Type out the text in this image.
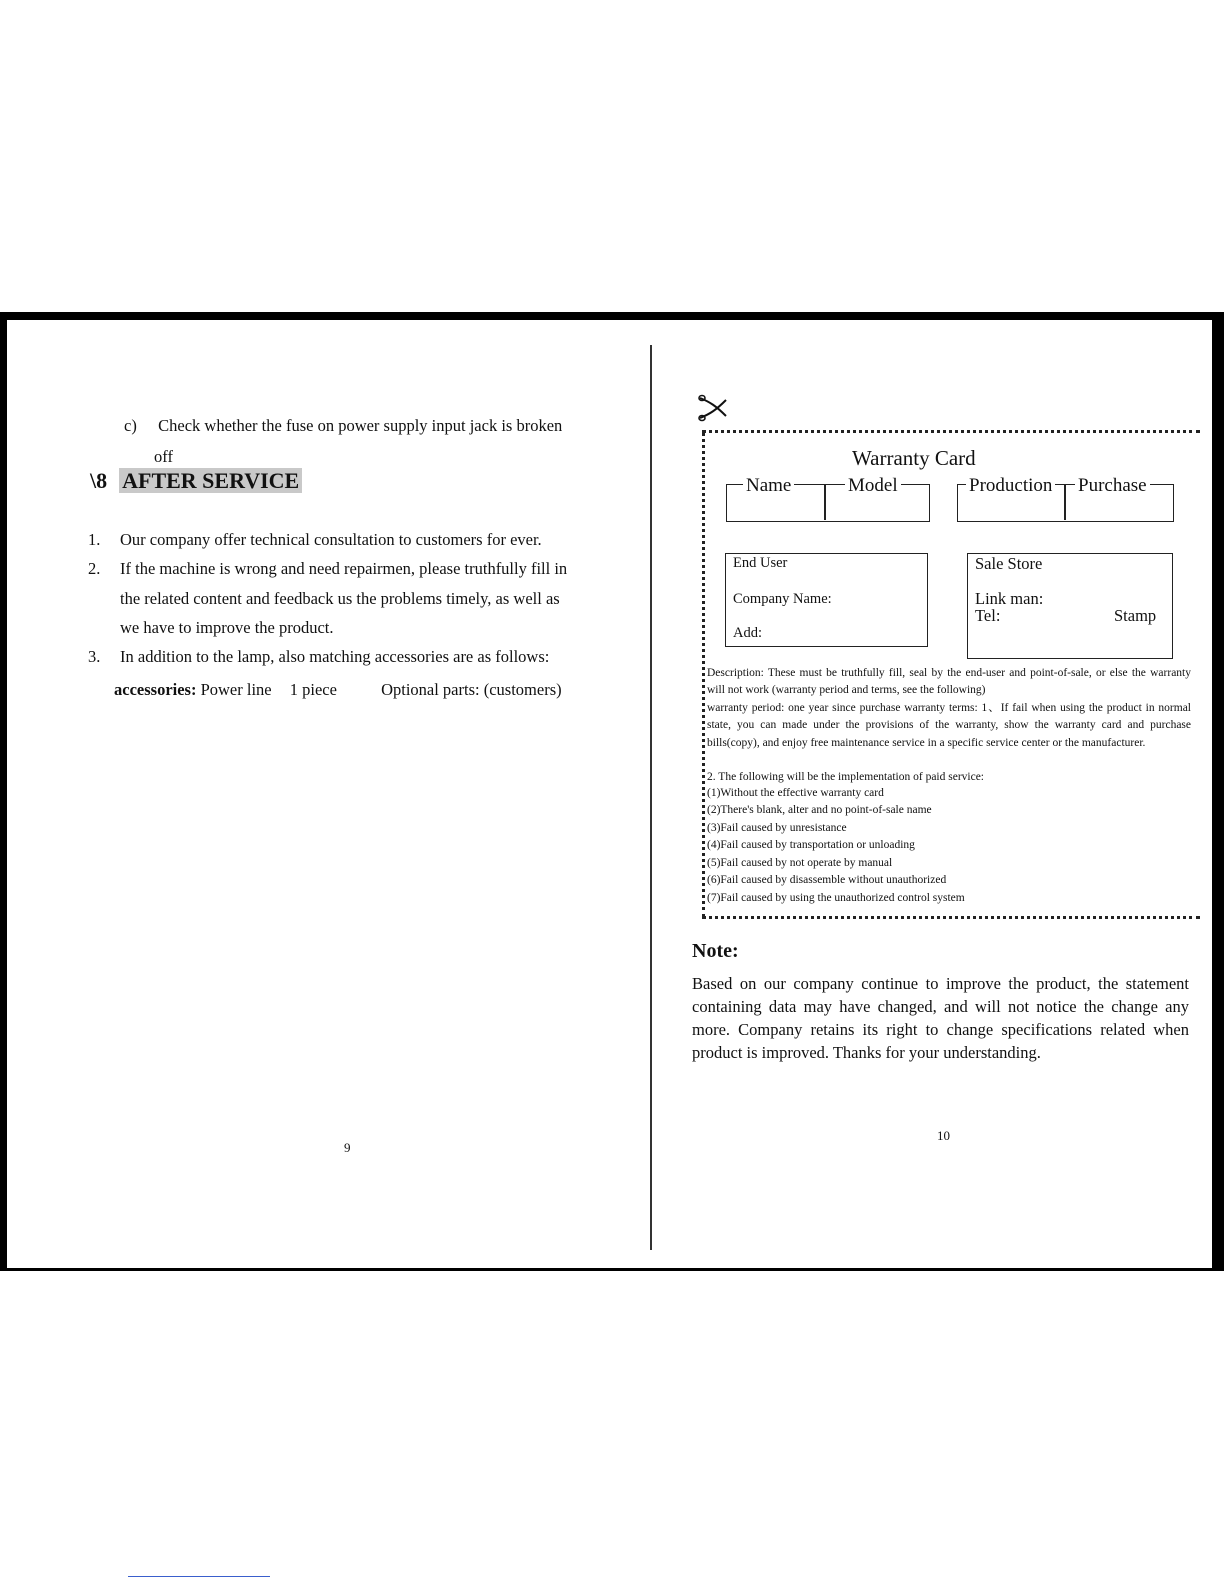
c) Check whether the fuse on power supply input jack is broken
off
\8 AFTER SERVICE
1. Our company offer technical consultation to customers for ever.
2. If the machine is wrong and need repairmen, please truthfully fill in
the related content and feedback us the problems timely, as well as
we have to improve the product.
3. In addition to the lamp, also matching accessories are as follows:
accessories: Power line 1 piece	Optional parts: (customers)
9
Warranty Card
Name	Model	Production Purchase
End User
Company Name:
Add:
Sale Store
Link man:
Tel:	Stamp
Description: These must be truthfully fill, seal by the end-user and point-of-sale, or else the warranty will not work (warranty period and terms, see the following)
warranty period: one year since purchase warranty terms: 1、If fail when using the product in normal state, you can made under the provisions of the warranty, show the warranty card and purchase bills(copy), and enjoy free maintenance service in a specific service center or the manufacturer.
2. The following will be the implementation of paid service:
(1)Without the effective warranty card
(2)There's blank, alter and no point-of-sale name
(3)Fail caused by unresistance
(4)Fail caused by transportation or unloading
(5)Fail caused by not operate by manual
(6)Fail caused by disassemble without unauthorized
(7)Fail caused by using the unauthorized control system
Note:
Based on our company continue to improve the product, the statement containing data may have changed, and will not notice the change any more. Company retains its right to change specifications related when product is improved. Thanks for your understanding.
10
